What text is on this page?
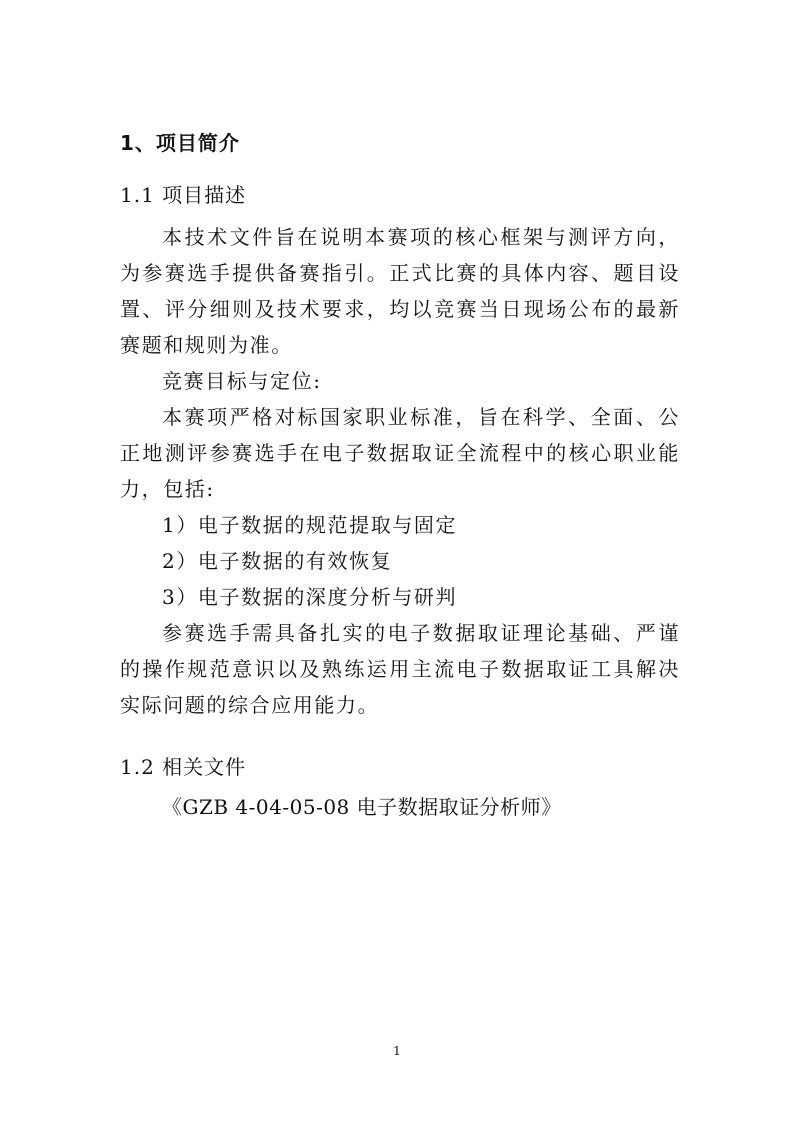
1、项目简介
1.1 项目描述

本技术文件旨在说明本赛项的核心框架与测评方向，为参赛选手提供备赛指引。正式比赛的具体内容、题目设置、评分细则及技术要求，均以竞赛当日现场公布的最新赛题和规则为准。

竞赛目标与定位:

本赛项严格对标国家职业标准，旨在科学、全面、公正地测评参赛选手在电子数据取证全流程中的核心职业能力，包括:

1）电子数据的规范提取与固定

2）电子数据的有效恢复

3）电子数据的深度分析与研判

参赛选手需具备扎实的电子数据取证理论基础、严谨的操作规范意识以及熟练运用主流电子数据取证工具解决实际问题的综合应用能力。

1.2 相关文件
《GZB 4-04-05-08 电子数据取证分析师》
1
